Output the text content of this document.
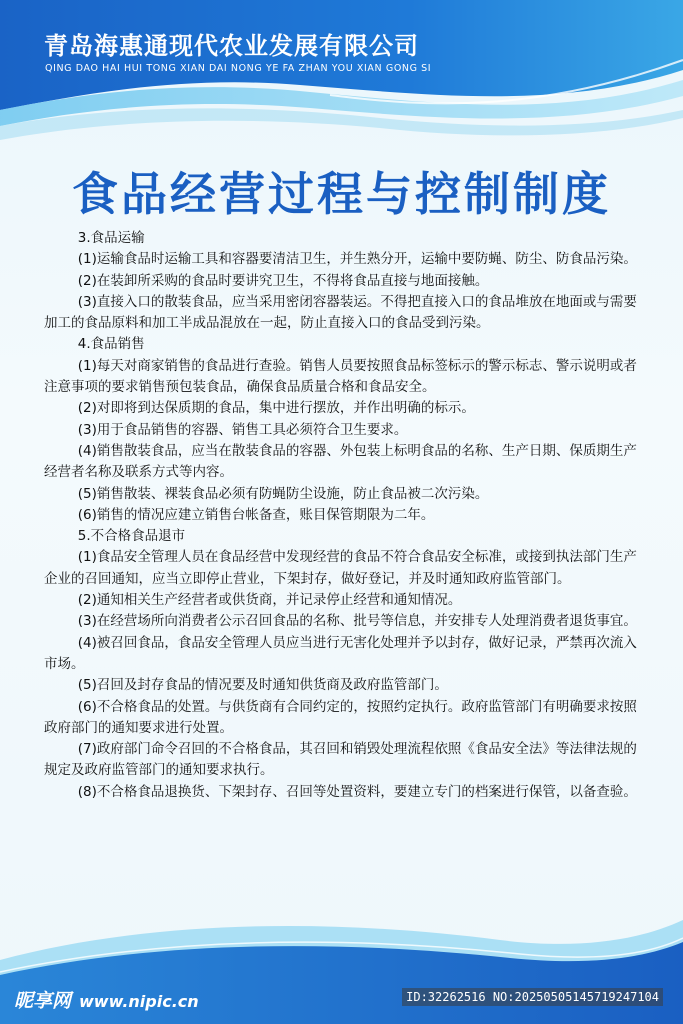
青岛海惠通现代农业发展有限公司

QING DAO HAI HUI TONG XIAN DAI NONG YE FA ZHAN YOU XIAN GONG SI

食品经营过程与控制制度

3.食品运输

(1)运输食品时运输工具和容器要清洁卫生，并生熟分开，运输中要防蝇、防尘、防食品污染。

(2)在装卸所采购的食品时要讲究卫生，不得将食品直接与地面接触。

(3)直接入口的散装食品，应当采用密闭容器装运。不得把直接入口的食品堆放在地面或与需要加工的食品原料和加工半成品混放在一起，防止直接入口的食品受到污染。

4.食品销售

(1)每天对商家销售的食品进行查验。销售人员要按照食品标签标示的警示标志、警示说明或者注意事项的要求销售预包装食品，确保食品质量合格和食品安全。

(2)对即将到达保质期的食品，集中进行摆放，并作出明确的标示。

(3)用于食品销售的容器、销售工具必须符合卫生要求。

(4)销售散装食品，应当在散装食品的容器、外包装上标明食品的名称、生产日期、保质期生产经营者名称及联系方式等内容。

(5)销售散装、裸装食品必须有防蝇防尘设施，防止食品被二次污染。

(6)销售的情况应建立销售台帐备查，账目保管期限为二年。

5.不合格食品退市

(1)食品安全管理人员在食品经营中发现经营的食品不符合食品安全标准，或接到执法部门生产企业的召回通知，应当立即停止营业，下架封存，做好登记，并及时通知政府监管部门。

(2)通知相关生产经营者或供货商，并记录停止经营和通知情况。

(3)在经营场所向消费者公示召回食品的名称、批号等信息，并安排专人处理消费者退货事宜。

(4)被召回食品，食品安全管理人员应当进行无害化处理并予以封存，做好记录，严禁再次流入市场。

(5)召回及封存食品的情况要及时通知供货商及政府监管部门。

(6)不合格食品的处置。与供货商有合同约定的，按照约定执行。政府监管部门有明确要求按照政府部门的通知要求进行处置。

(7)政府部门命令召回的不合格食品，其召回和销毁处理流程依照《食品安全法》等法律法规的规定及政府监管部门的通知要求执行。

(8)不合格食品退换货、下架封存、召回等处置资料，要建立专门的档案进行保管，以备查验。

昵享网 www.nipic.cn	ID:32262516 NO:20250505145719247104
